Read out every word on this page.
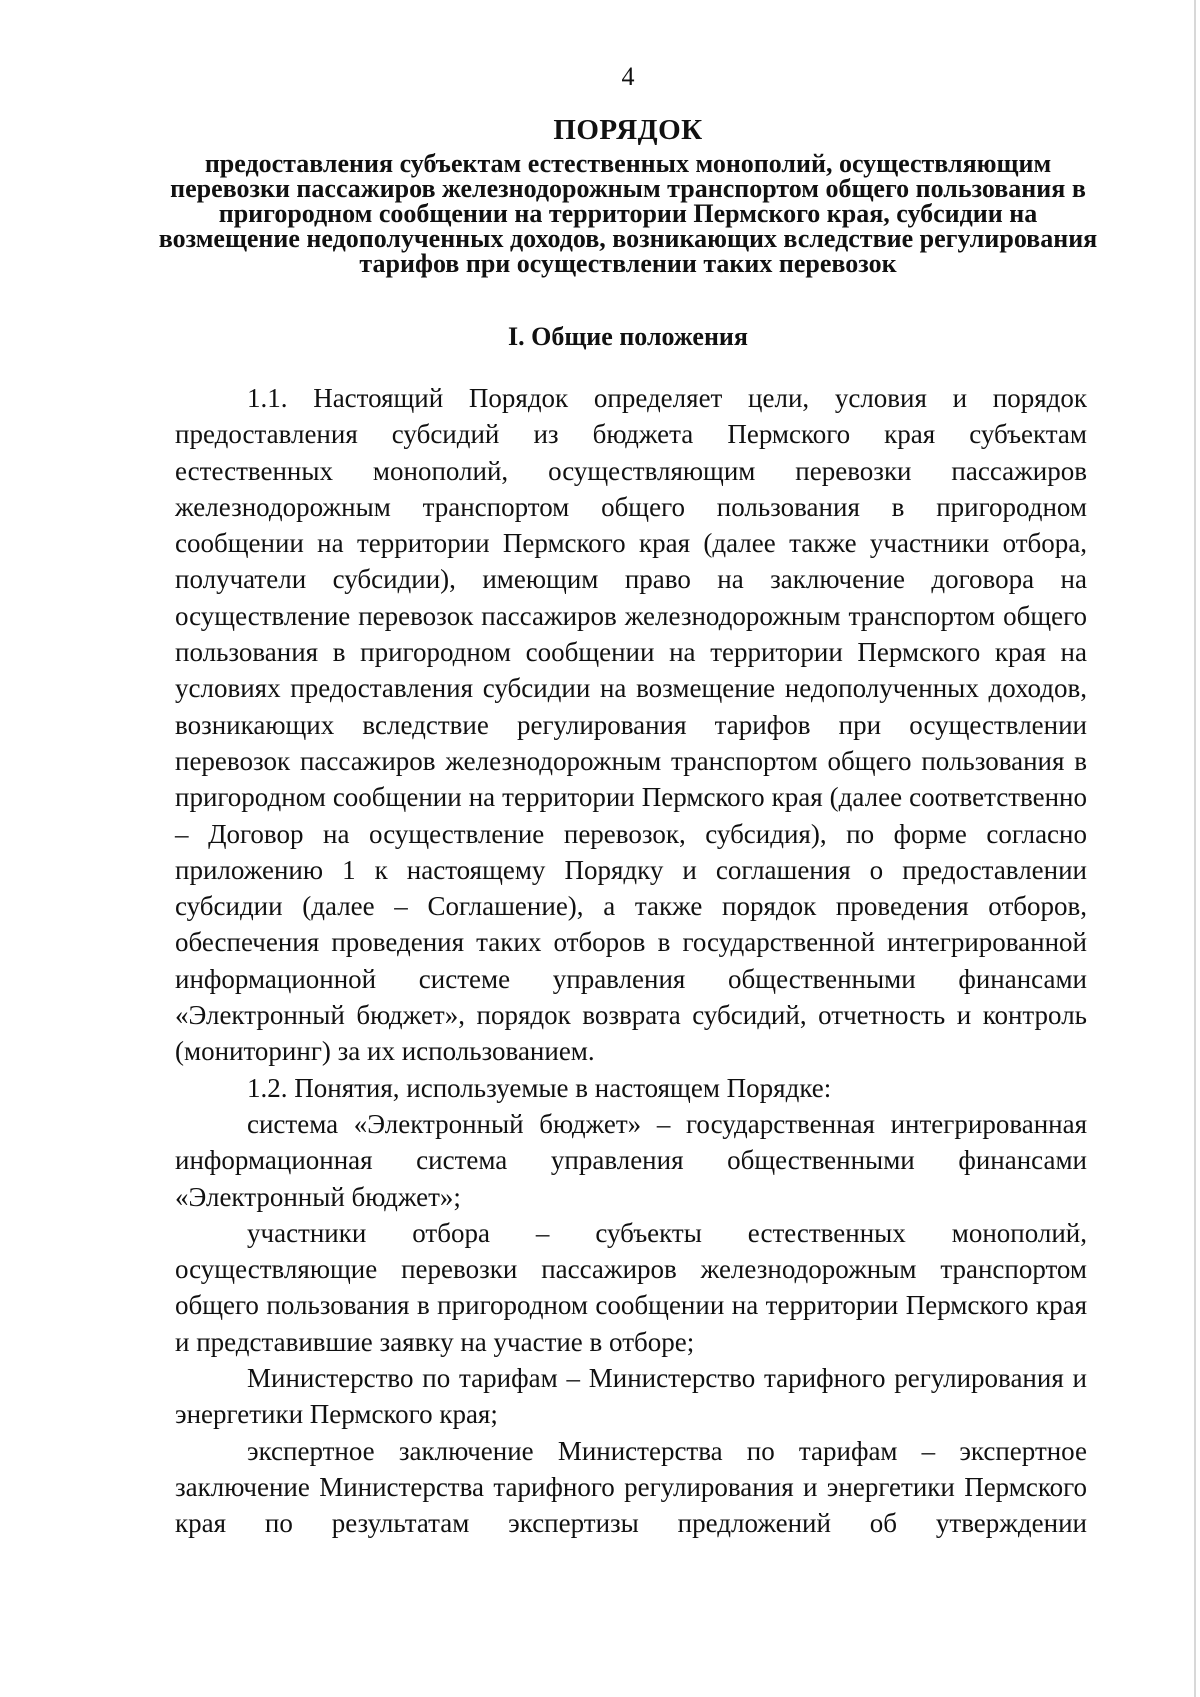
4
ПОРЯДОК
предоставления субъектам естественных монополий, осуществляющим перевозки пассажиров железнодорожным транспортом общего пользования в пригородном сообщении на территории Пермского края, субсидии на возмещение недополученных доходов, возникающих вследствие регулирования тарифов при осуществлении таких перевозок
I. Общие положения

1.1. Настоящий Порядок определяет цели, условия и порядок предоставления субсидий из бюджета Пермского края субъектам естественных монополий, осуществляющим перевозки пассажиров железнодорожным транспортом общего пользования в пригородном сообщении на территории Пермского края (далее также участники отбора, получатели субсидии), имеющим право на заключение договора на осуществление перевозок пассажиров железнодорожным транспортом общего пользования в пригородном сообщении на территории Пермского края на условиях предоставления субсидии на возмещение недополученных доходов, возникающих вследствие регулирования тарифов при осуществлении перевозок пассажиров железнодорожным транспортом общего пользования в пригородном сообщении на территории Пермского края (далее соответственно – Договор на осуществление перевозок, субсидия), по форме согласно приложению 1 к настоящему Порядку и соглашения о предоставлении субсидии (далее – Соглашение), а также порядок проведения отборов, обеспечения проведения таких отборов в государственной интегрированной информационной системе управления общественными финансами «Электронный бюджет», порядок возврата субсидий, отчетность и контроль (мониторинг) за их использованием.

1.2. Понятия, используемые в настоящем Порядке:

система «Электронный бюджет» – государственная интегрированная информационная система управления общественными финансами «Электронный бюджет»;

участники отбора – субъекты естественных монополий, осуществляющие перевозки пассажиров железнодорожным транспортом общего пользования в пригородном сообщении на территории Пермского края и представившие заявку на участие в отборе;

Министерство по тарифам – Министерство тарифного регулирования и энергетики Пермского края;

экспертное заключение Министерства по тарифам – экспертное заключение Министерства тарифного регулирования и энергетики Пермского края по результатам экспертизы предложений об утверждении
